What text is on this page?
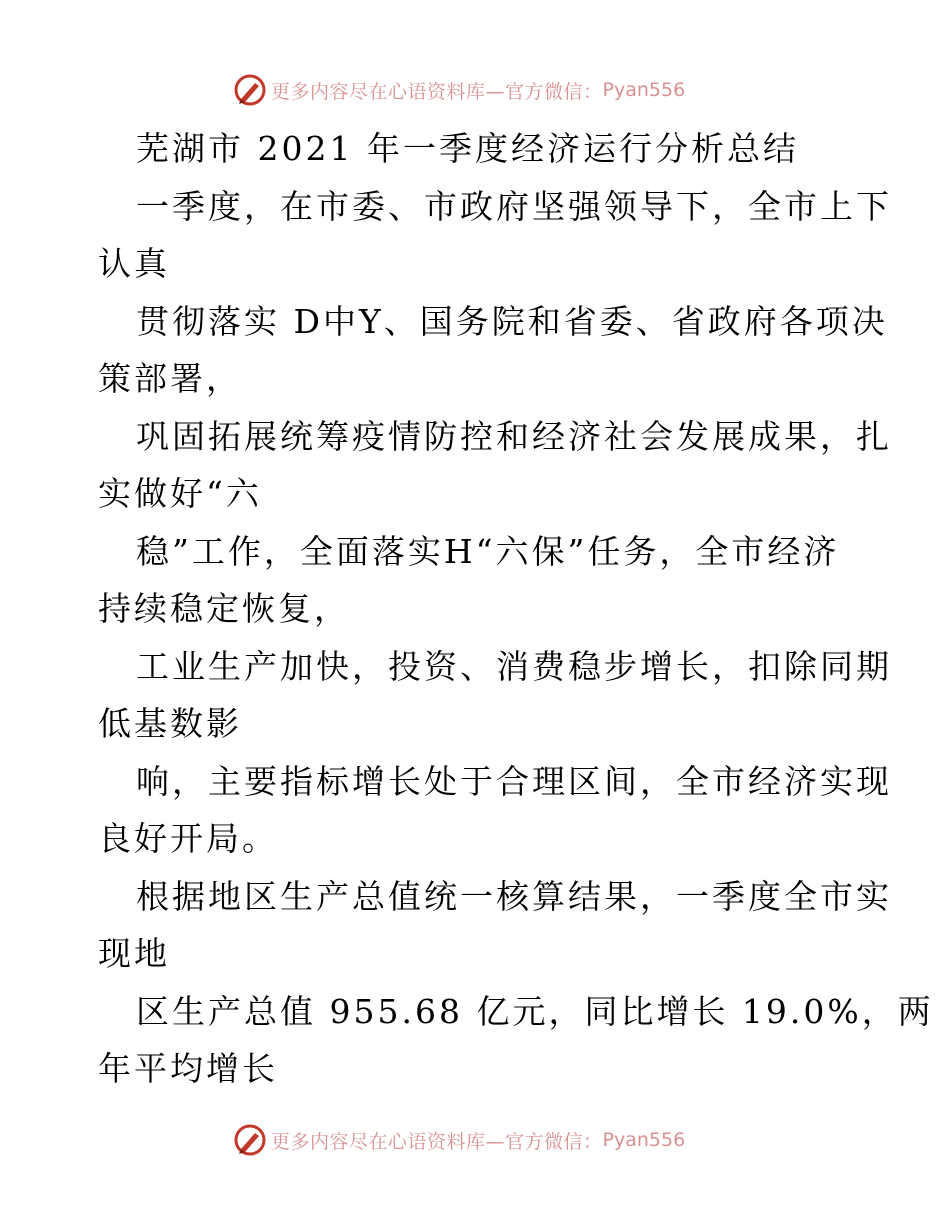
更多内容尽在心语资料库—官方微信： Pyan556
芜湖市 2021 年一季度经济运行分析总结
一季度，在市委、市政府坚强领导下，全市上下
认真
贯彻落实 D中Y、国务院和省委、省政府各项决
策部署，
巩固拓展统筹疫情防控和经济社会发展成果，扎
实做好“六
稳”工作，全面落实H“六保”任务，全市经济
持续稳定恢复，
工业生产加快，投资、消费稳步增长，扣除同期
低基数影
响，主要指标增长处于合理区间，全市经济实现
良好开局。
根据地区生产总值统一核算结果，一季度全市实
现地
区生产总值 955.68 亿元，同比增长 19.0%，两
年平均增长
更多内容尽在心语资料库—官方微信： Pyan556
